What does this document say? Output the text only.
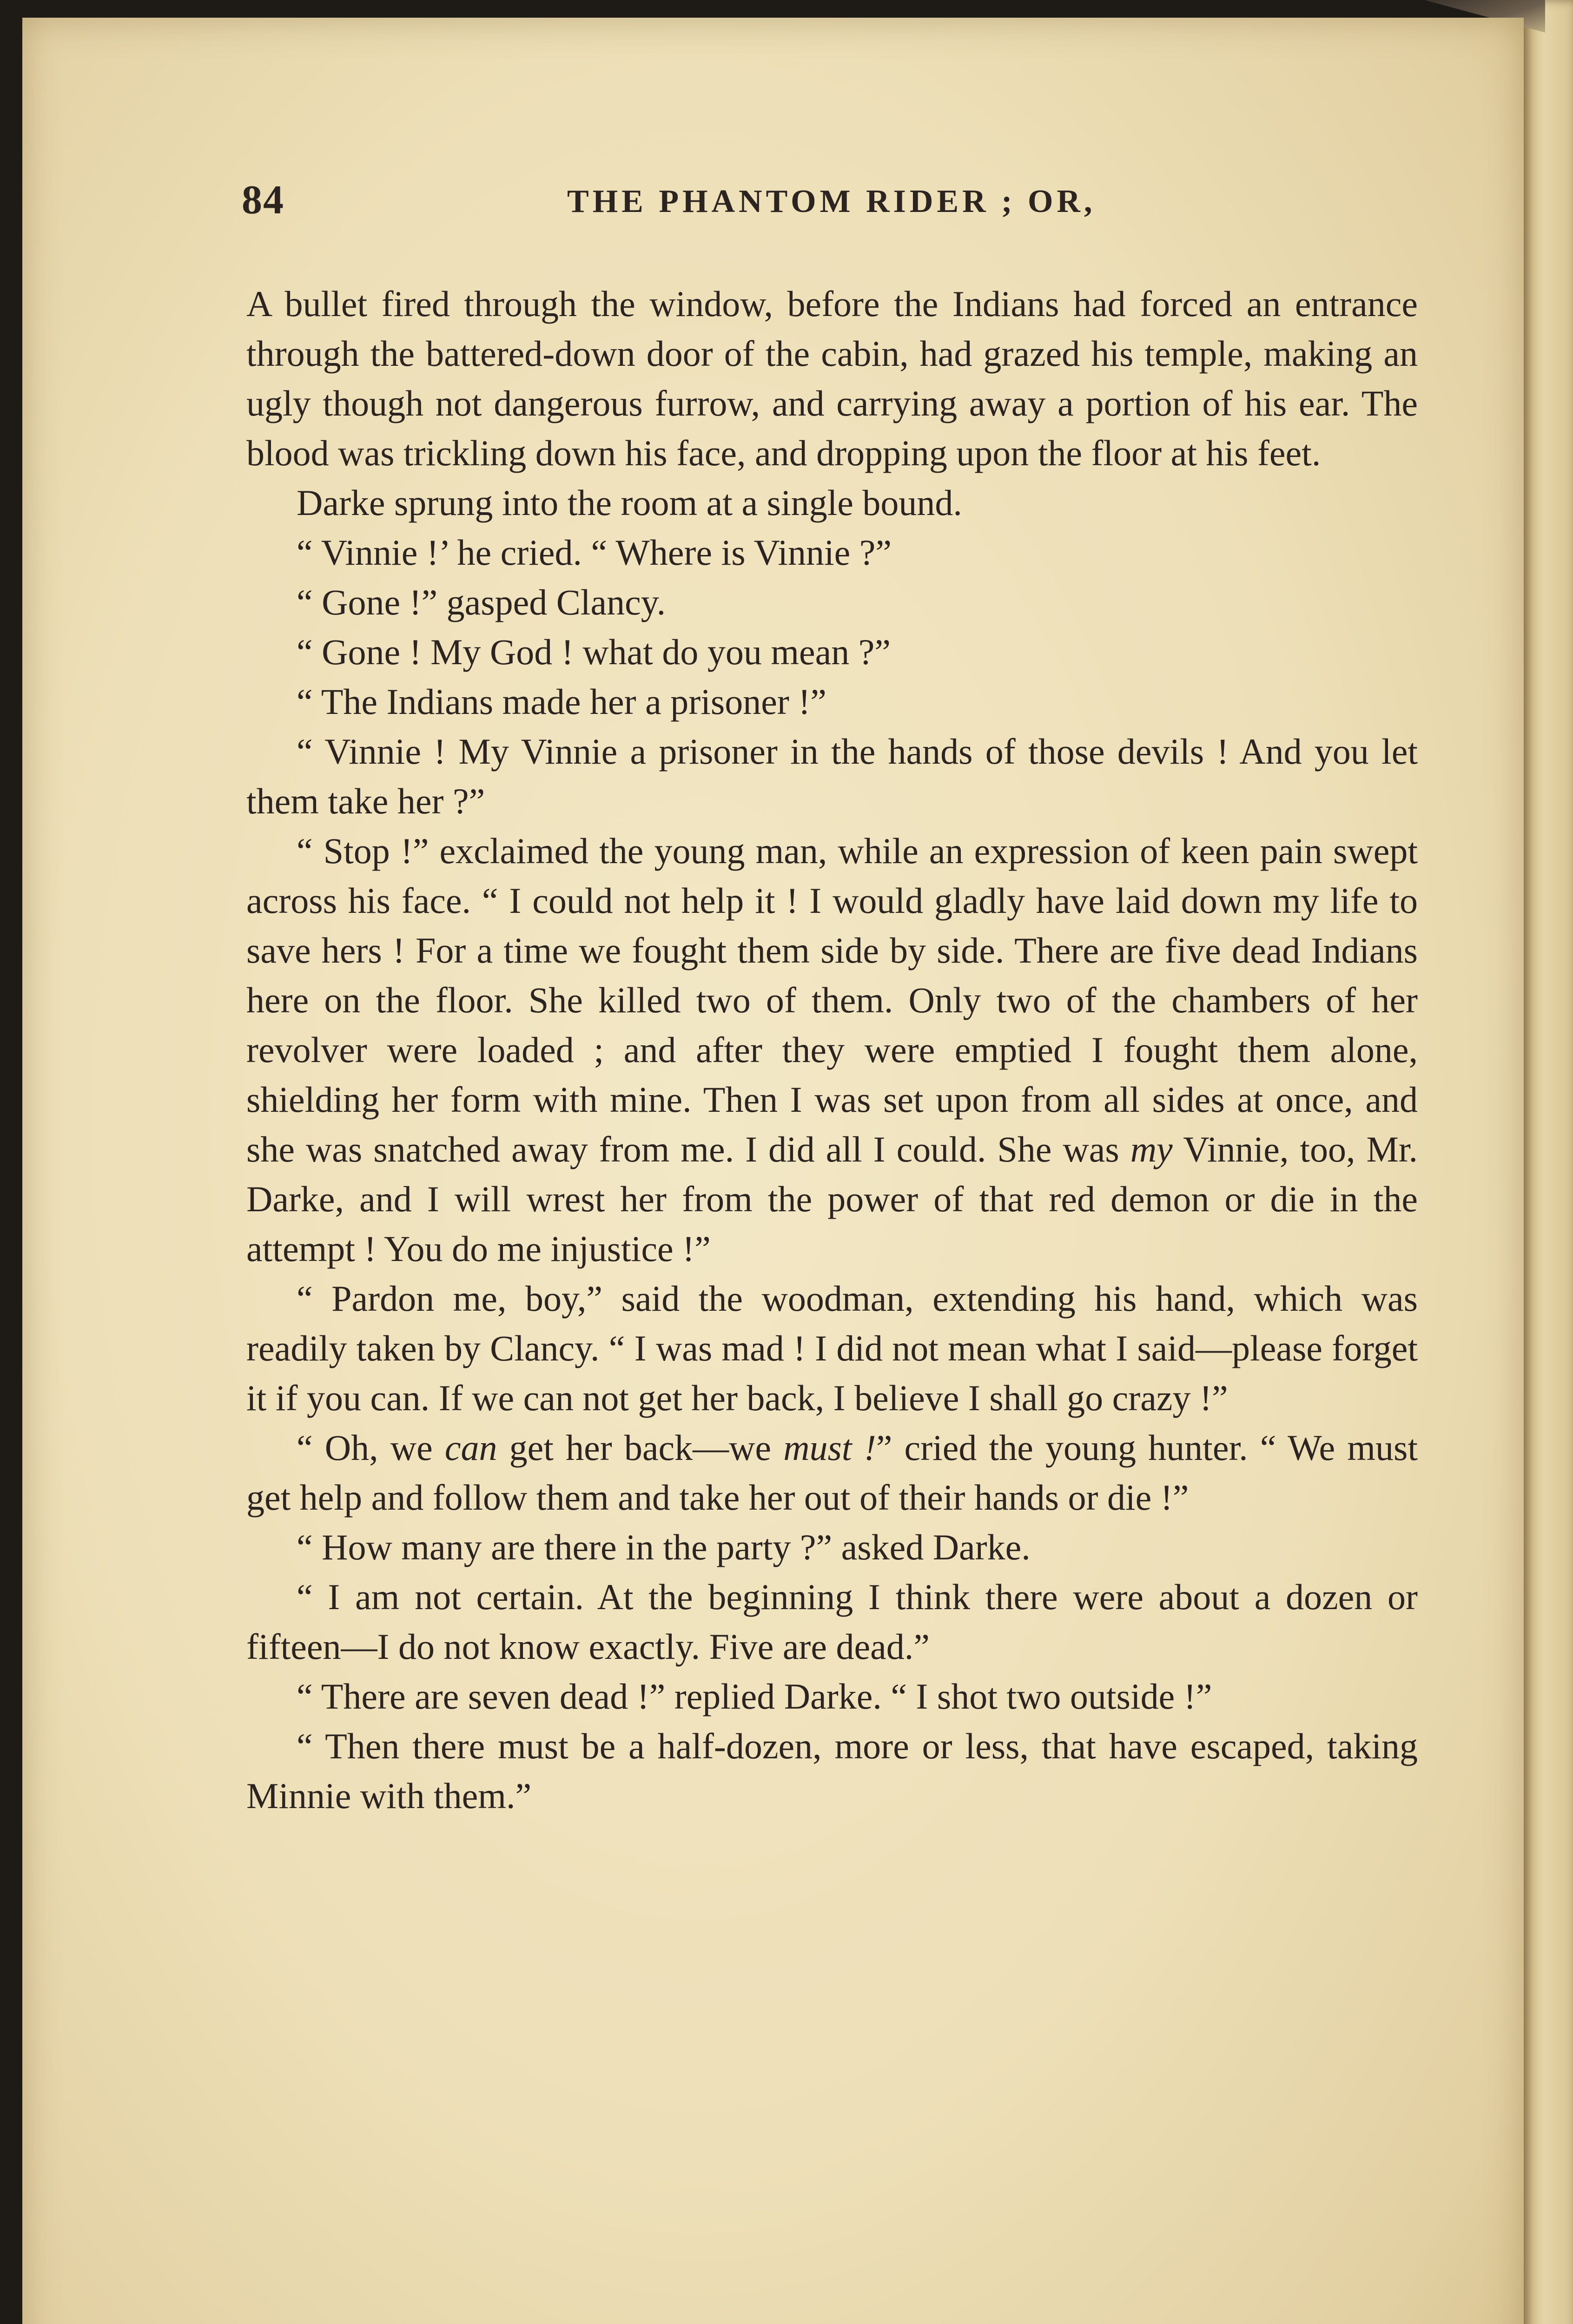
84	THE PHANTOM RIDER ; OR,

A bullet fired through the window, before the Indians had forced an entrance through the battered-down door of the cabin, had grazed his temple, making an ugly though not dangerous furrow, and carrying away a portion of his ear. The blood was trickling down his face, and dropping upon the floor at his feet.

Darke sprung into the room at a single bound.

“ Vinnie !’ he cried. “ Where is Vinnie ?”

“ Gone !” gasped Clancy.

“ Gone ! My God ! what do you mean ?”

“ The Indians made her a prisoner !”

“ Vinnie ! My Vinnie a prisoner in the hands of those devils ! And you let them take her ?”

“ Stop !” exclaimed the young man, while an expression of keen pain swept across his face. “ I could not help it ! I would gladly have laid down my life to save hers ! For a time we fought them side by side. There are five dead Indians here on the floor. She killed two of them. Only two of the chambers of her revolver were loaded ; and after they were emptied I fought them alone, shielding her form with mine. Then I was set upon from all sides at once, and she was snatched away from me. I did all I could. She was my Vinnie, too, Mr. Darke, and I will wrest her from the power of that red demon or die in the attempt ! You do me injustice !”

“ Pardon me, boy,” said the woodman, extending his hand, which was readily taken by Clancy. “ I was mad ! I did not mean what I said—please forget it if you can. If we can not get her back, I believe I shall go crazy !”

“ Oh, we can get her back—we must !” cried the young hunter. “ We must get help and follow them and take her out of their hands or die !”

“ How many are there in the party ?” asked Darke.

“ I am not certain. At the beginning I think there were about a dozen or fifteen—I do not know exactly. Five are dead.”

“ There are seven dead !” replied Darke. “ I shot two outside !”

“ Then there must be a half-dozen, more or less, that have escaped, taking Minnie with them.”
